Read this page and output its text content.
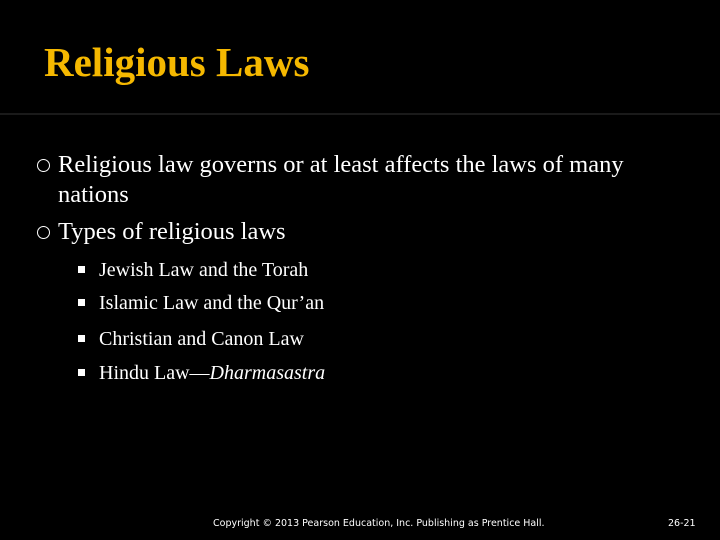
Religious Laws
Religious law governs or at least affects the laws of many nations
Types of religious laws
Jewish Law and the Torah
Islamic Law and the Qur’an
Christian and Canon Law
Hindu Law—Dharmasastra
Copyright © 2013 Pearson Education, Inc. Publishing as Prentice Hall.	26-21
